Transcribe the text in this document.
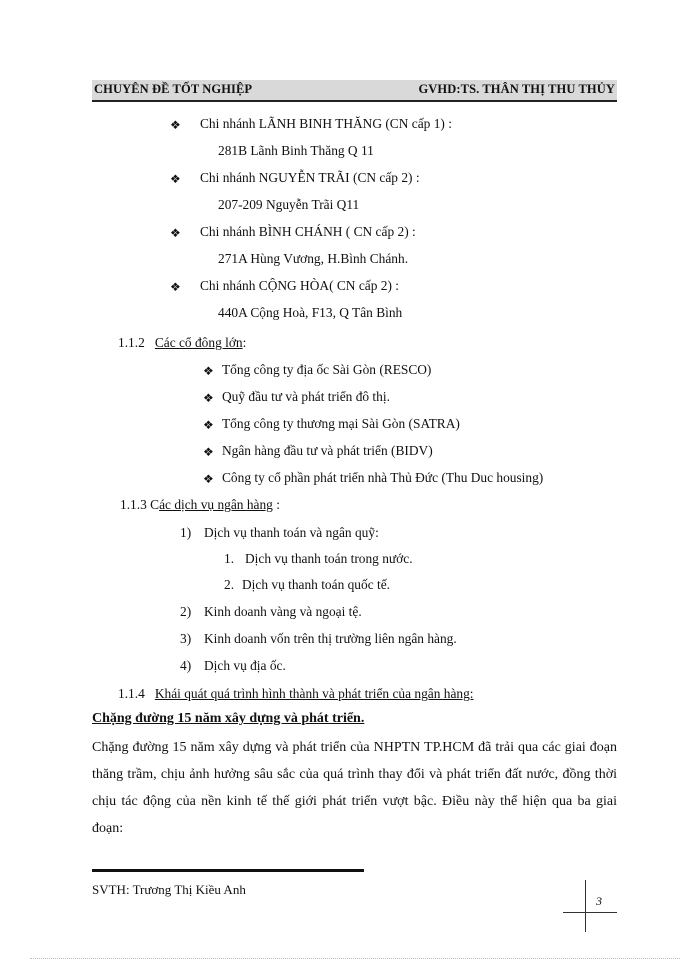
CHUYÊN ĐỀ TỐT NGHIỆP	GVHD:TS. THÂN THỊ THU THỦY
❖ Chi nhánh LÃNH BINH THĂNG (CN cấp 1) :
281B Lãnh Binh Thăng Q 11
❖ Chi nhánh NGUYỄN TRÃI (CN cấp 2) :
207-209 Nguyễn Trãi Q11
❖ Chi nhánh BÌNH CHÁNH ( CN cấp 2) :
271A Hùng Vương, H.Bình Chánh.
❖ Chi nhánh CỘNG HÒA( CN cấp 2) :
440A Cộng Hoà, F13, Q Tân Bình
1.1.2 Các cổ đông lớn:
❖ Tổng công ty địa ốc Sài Gòn (RESCO)
❖ Quỹ đầu tư và phát triển đô thị.
❖ Tổng công ty thương mại Sài Gòn (SATRA)
❖ Ngân hàng đầu tư và phát triển (BIDV)
❖ Công ty cổ phần phát triển nhà Thủ Đức (Thu Duc housing)
1.1.3 Các dịch vụ ngân hàng :
1) Dịch vụ thanh toán và ngân quỹ:
1. Dịch vụ thanh toán trong nước.
2. Dịch vụ thanh toán quốc tế.
2) Kinh doanh vàng và ngoại tệ.
3) Kinh doanh vốn trên thị trường liên ngân hàng.
4) Dịch vụ địa ốc.
1.1.4 Khái quát quá trình hình thành và phát triển của ngân hàng:
Chặng đường 15 năm xây dựng và phát triển.
Chặng đường 15 năm xây dựng và phát triển của NHPTN TP.HCM đã trải qua các giai đoạn thăng trầm, chịu ảnh hưởng sâu sắc của quá trình thay đổi và phát triển đất nước, đồng thời chịu tác động của nền kinh tế thế giới phát triển vượt bậc. Điều này thể hiện qua ba giai đoạn:
SVTH: Trương Thị Kiều Anh
3
